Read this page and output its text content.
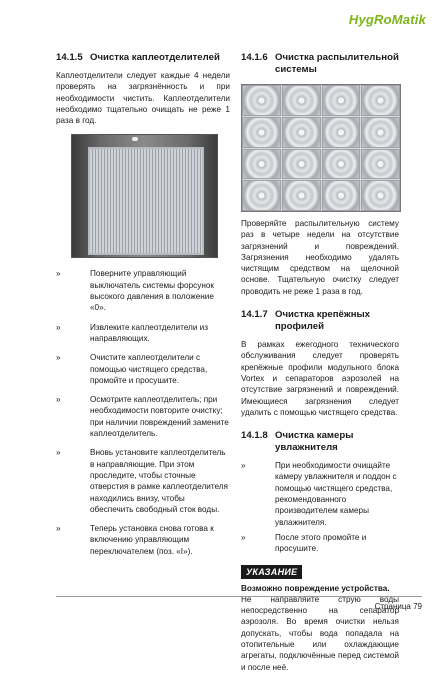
HygRoMatik
14.1.5 Очистка каплеотделителей

Каплеотделители следует каждые 4 недели проверять на загрязнённость и при необходимости чистить. Каплеотделители необходимо тщательно очищать не реже 1 раза в год.

»	Поверните управляющий выключатель системы форсунок высокого давления в положение «0».
»	Извлеките каплеотделители из направляющих.
»	Очистите каплеотделители с помощью чистящего средства, промойте и просушите.
»	Осмотрите каплеотделитель; при необходимости повторите очистку; при наличии повреждений замените каплеотделитель.
»	Вновь установите каплеотделитель в направляющие. При этом проследите, чтобы сточные отверстия в рамке каплеотделителя находились внизу, чтобы обеспечить свободный сток воды.
»	Теперь установка снова готова к включению управляющим переключателем (поз. «I»).
14.1.6 Очистка распылительной системы

Проверяйте распылительную систему раз в четыре недели на отсутствие загрязнений и повреждений. Загрязнения необходимо удалять чистящим средством на щелочной основе. Тщательную очистку следует проводить не реже 1 раза в год.

14.1.7 Очистка крепёжных профилей

В рамках ежегодного технического обслуживания следует проверять крепёжные профили модульного блока Vortex и сепараторов аэрозолей на отсутствие загрязнений и повреждений. Имеющиеся загрязнения следует удалить с помощью чистящего средства.

14.1.8 Очистка камеры увлажнителя
»	При необходимости очищайте камеру увлажнителя и поддон с помощью чистящего средства, рекомендованного производителем камеры увлажнителя.
»	После этого промойте и просушите.
УКАЗАНИЕ

Возможно повреждение устройства.

Не направляйте струю воды непосредственно на сепаратор аэрозоля. Во время очистки нельзя допускать, чтобы вода попадала на отопительные или охлаждающие агрегаты, подключённые перед системой и после неё.

Страница 79
